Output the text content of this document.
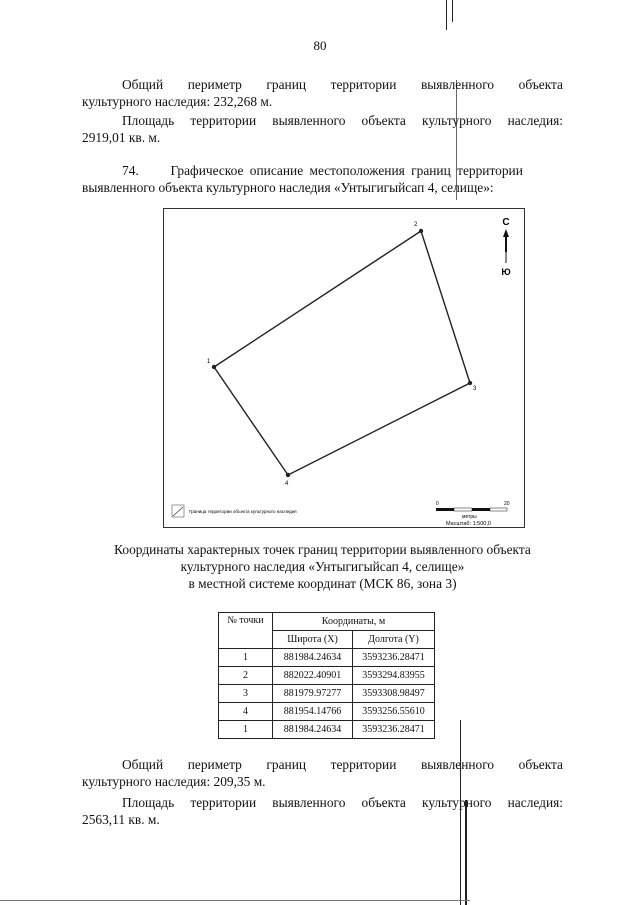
80
Общий периметр границ территории выявленного объекта
культурного наследия: 232,268 м.
Площадь территории выявленного объекта культурного наследия:
2919,01 кв. м.
74.     Графическое описание местоположения границ территории
выявленного объекта культурного наследия «Унтыгигыйсап 4, селище»:
1
2
3
4
С
Ю
0	20
метры
Масштаб: 1:500,0
Граница территории объекта культурного наследия
Координаты характерных точек границ территории выявленного объекта
культурного наследия «Унтыгигыйсап 4, селище»
в местной системе координат (МСК 86, зона 3)
№ точки	Координаты, м	
	Широта (X)	Долгота (Y)
1	881984.24634	3593236.28471
2	882022.40901	3593294.83955
3	881979.97277	3593308.98497
4	881954.14766	3593256.55610
1	881984.24634	3593236.28471
Общий периметр границ территории выявленного объекта
культурного наследия: 209,35 м.
Площадь территории выявленного объекта культурного наследия:
2563,11 кв. м.
